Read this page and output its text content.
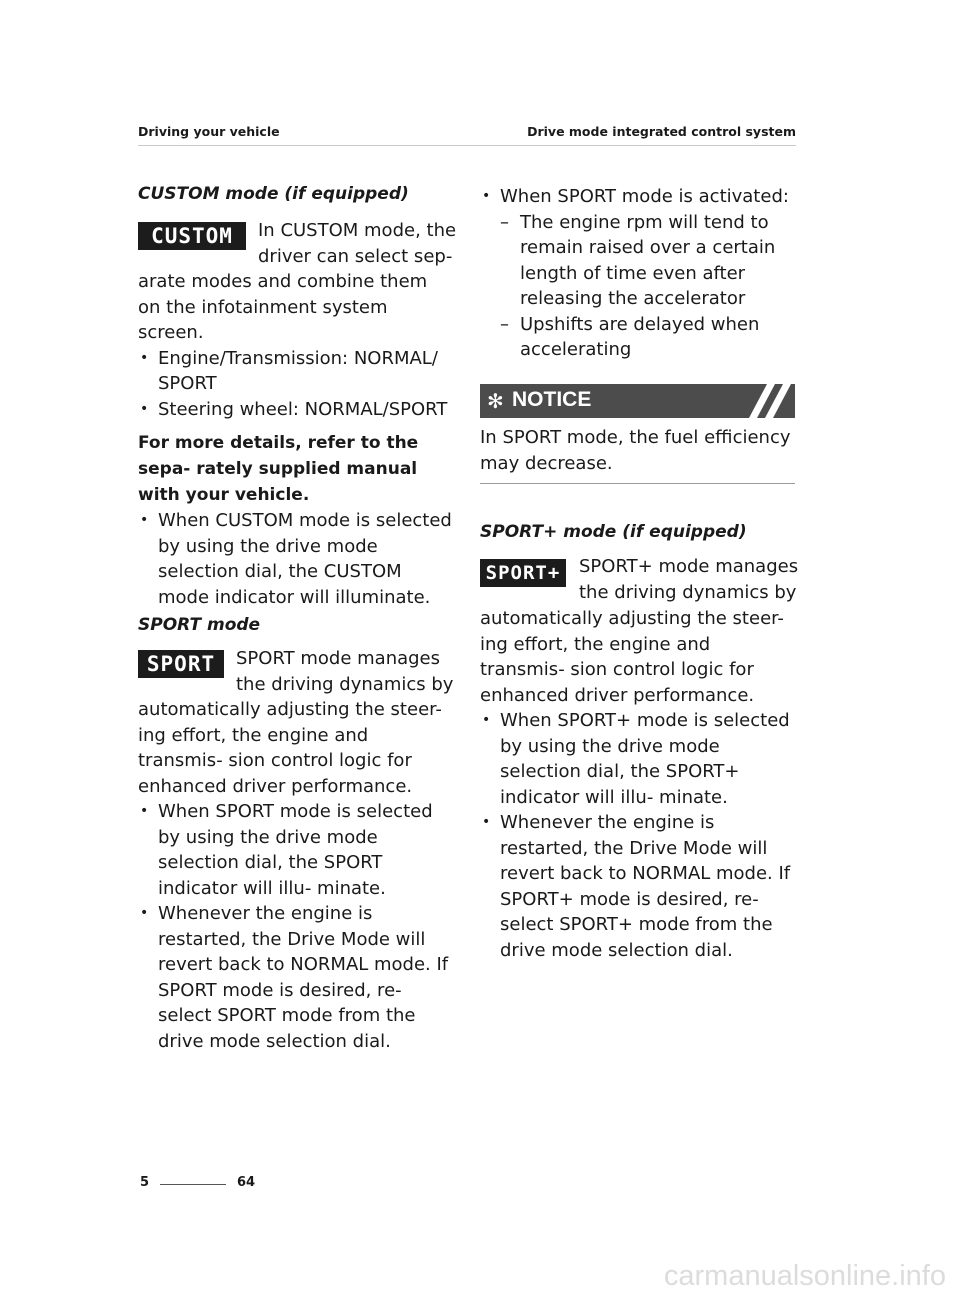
Driving your vehicle	Drive mode integrated control system
CUSTOM mode (if equipped)
CUSTOM In CUSTOM mode, the
driver can select sep-
arate modes and combine them on the infotainment system screen.
• Engine/Transmission: NORMAL/ SPORT
• Steering wheel: NORMAL/SPORT
For more details, refer to the sepa- rately supplied manual with your vehicle.
• When CUSTOM mode is selected by using the drive mode selection dial, the CUSTOM mode indicator will illuminate.
SPORT mode
SPORT SPORT mode manages
the driving dynamics by
automatically adjusting the steer- ing effort, the engine and transmis- sion control logic for enhanced driver performance.
• When SPORT mode is selected by using the drive mode selection dial, the SPORT indicator will illu- minate.
• Whenever the engine is restarted, the Drive Mode will revert back to NORMAL mode. If SPORT mode is desired, re-select SPORT mode from the drive mode selection dial.
• When SPORT mode is activated:
– The engine rpm will tend to remain raised over a certain length of time even after releasing the accelerator
– Upshifts are delayed when accelerating
✻ NOTICE
In SPORT mode, the fuel efficiency may decrease.
SPORT+ mode (if equipped)
SPORT+ SPORT+ mode manages
the driving dynamics by
automatically adjusting the steer- ing effort, the engine and transmis- sion control logic for enhanced driver performance.
• When SPORT+ mode is selected by using the drive mode selection dial, the SPORT+ indicator will illu- minate.
• Whenever the engine is restarted, the Drive Mode will revert back to NORMAL mode. If SPORT+ mode is desired, re-select SPORT+ mode from the drive mode selection dial.
5	64
carmanualsonline.info
